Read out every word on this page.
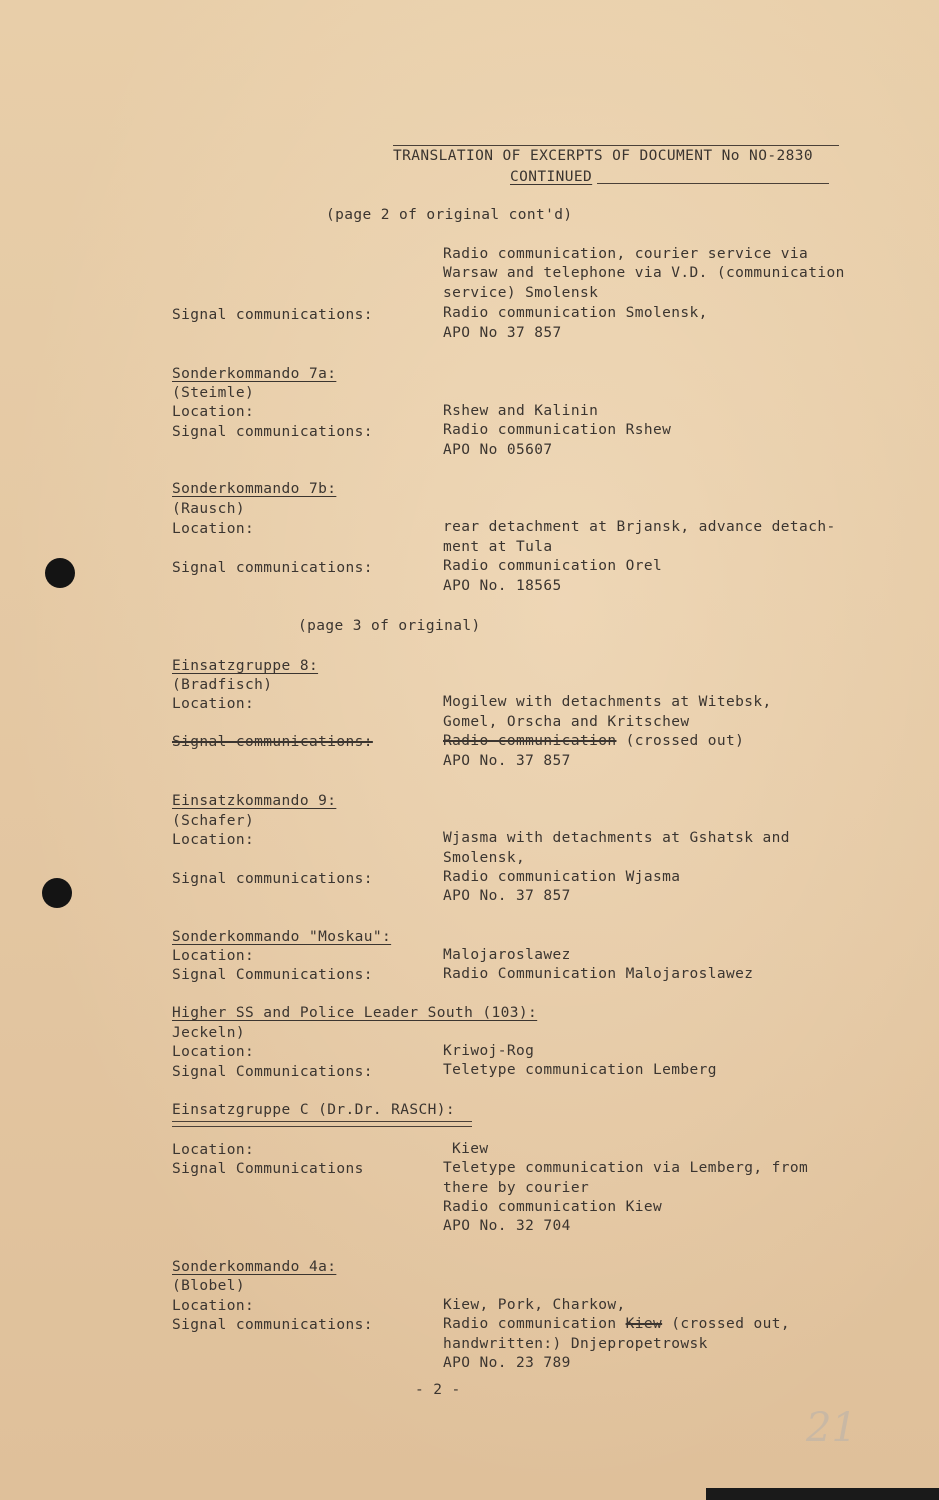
TRANSLATION OF EXCERPTS OF DOCUMENT No NO-2830
CONTINUED
(page 2 of original cont'd)
Radio communication, courier service via
Warsaw and telephone via V.D. (communication
service) Smolensk
Signal communications:	Radio communication Smolensk,
APO No 37 857
Sonderkommando 7a:
(Steimle)
Location:	Rshew and Kalinin
Signal communications:	Radio communication Rshew
APO No 05607
Sonderkommando 7b:
(Rausch)
Location:	rear detachment at Brjansk, advance detach-
ment at Tula
Signal communications:	Radio communication Orel
APO No. 18565
(page 3 of original)
Einsatzgruppe 8:
(Bradfisch)
Location:	Mogilew with detachments at Witebsk,
Gomel, Orscha and Kritschew
Signal communications:	Radio communication (crossed out)
APO No. 37 857
Einsatzkommando 9:
(Schafer)
Location:	Wjasma with detachments at Gshatsk and
Smolensk,
Signal communications:	Radio communication Wjasma
APO No. 37 857
Sonderkommando "Moskau":
Location:	Malojaroslawez
Signal Communications:	Radio Communication Malojaroslawez
Higher SS and Police Leader South (103):
Jeckeln)
Location:	Kriwoj-Rog
Signal Communications:	Teletype communication Lemberg
Einsatzgruppe C (Dr.Dr. RASCH):
Location:	Kiew
Signal Communications	Teletype communication via Lemberg, from
there by courier
Radio communication Kiew
APO No. 32 704
Sonderkommando 4a:
(Blobel)
Location:	Kiew, Pork, Charkow,
Signal communications:	Radio communication Kiew (crossed out,
handwritten:) Dnjepropetrowsk
APO No. 23 789
- 2 -
21
